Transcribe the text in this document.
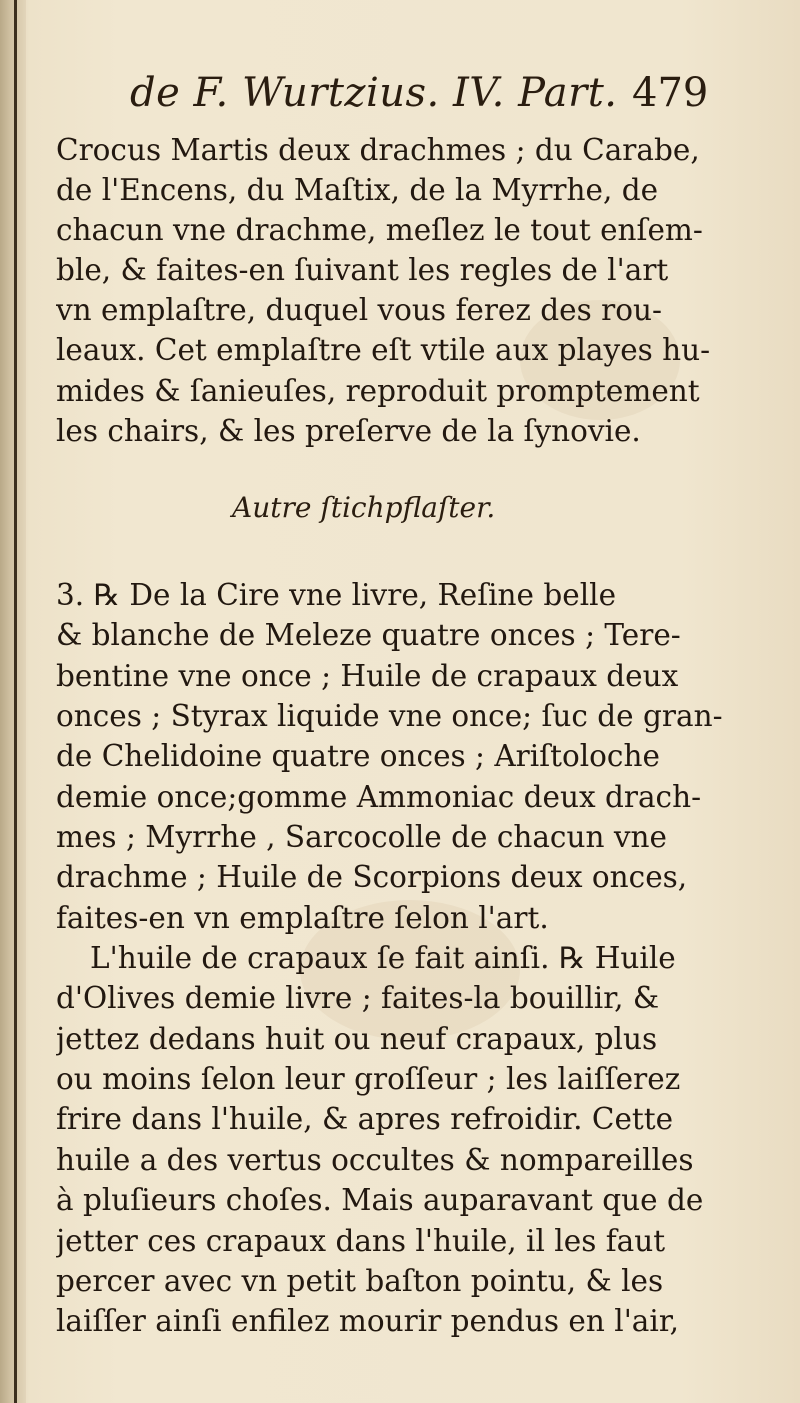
de F. Wurtzius. IV. Part. 479
Crocus Martis deux drachmes ; du Carabe,
de l'Encens, du Maſtix, de la Myrrhe, de
chacun vne drachme, meſlez le tout enſem-
ble, & faites-en ſuivant les regles de l'art
vn emplaſtre, duquel vous ferez des rou-
leaux. Cet emplaſtre eſt vtile aux playes hu-
mides & ſanieuſes, reproduit promptement
les chairs, & les preſerve de la ſynovie.
Autre ſtichpflaſter.
3. ℞ De la Cire vne livre, Reſine belle
& blanche de Meleze quatre onces ; Tere-
bentine vne once ; Huile de crapaux deux
onces ; Styrax liquide vne once; ſuc de gran-
de Chelidoine quatre onces ; Ariſtoloche
demie once;gomme Ammoniac deux drach-
mes ; Myrrhe , Sarcocolle de chacun vne
drachme ; Huile de Scorpions deux onces,
faites-en vn emplaſtre ſelon l'art.
L'huile de crapaux ſe fait ainſi. ℞ Huile
d'Olives demie livre ; faites-la bouillir, &
jettez dedans huit ou neuf crapaux, plus
ou moins ſelon leur groſſeur ; les laiſſerez
frire dans l'huile, & apres refroidir. Cette
huile a des vertus occultes & nompareilles
à pluſieurs choſes. Mais auparavant que de
jetter ces crapaux dans l'huile, il les faut
percer avec vn petit baſton pointu, & les
laiſſer ainſi enfilez mourir pendus en l'air,
